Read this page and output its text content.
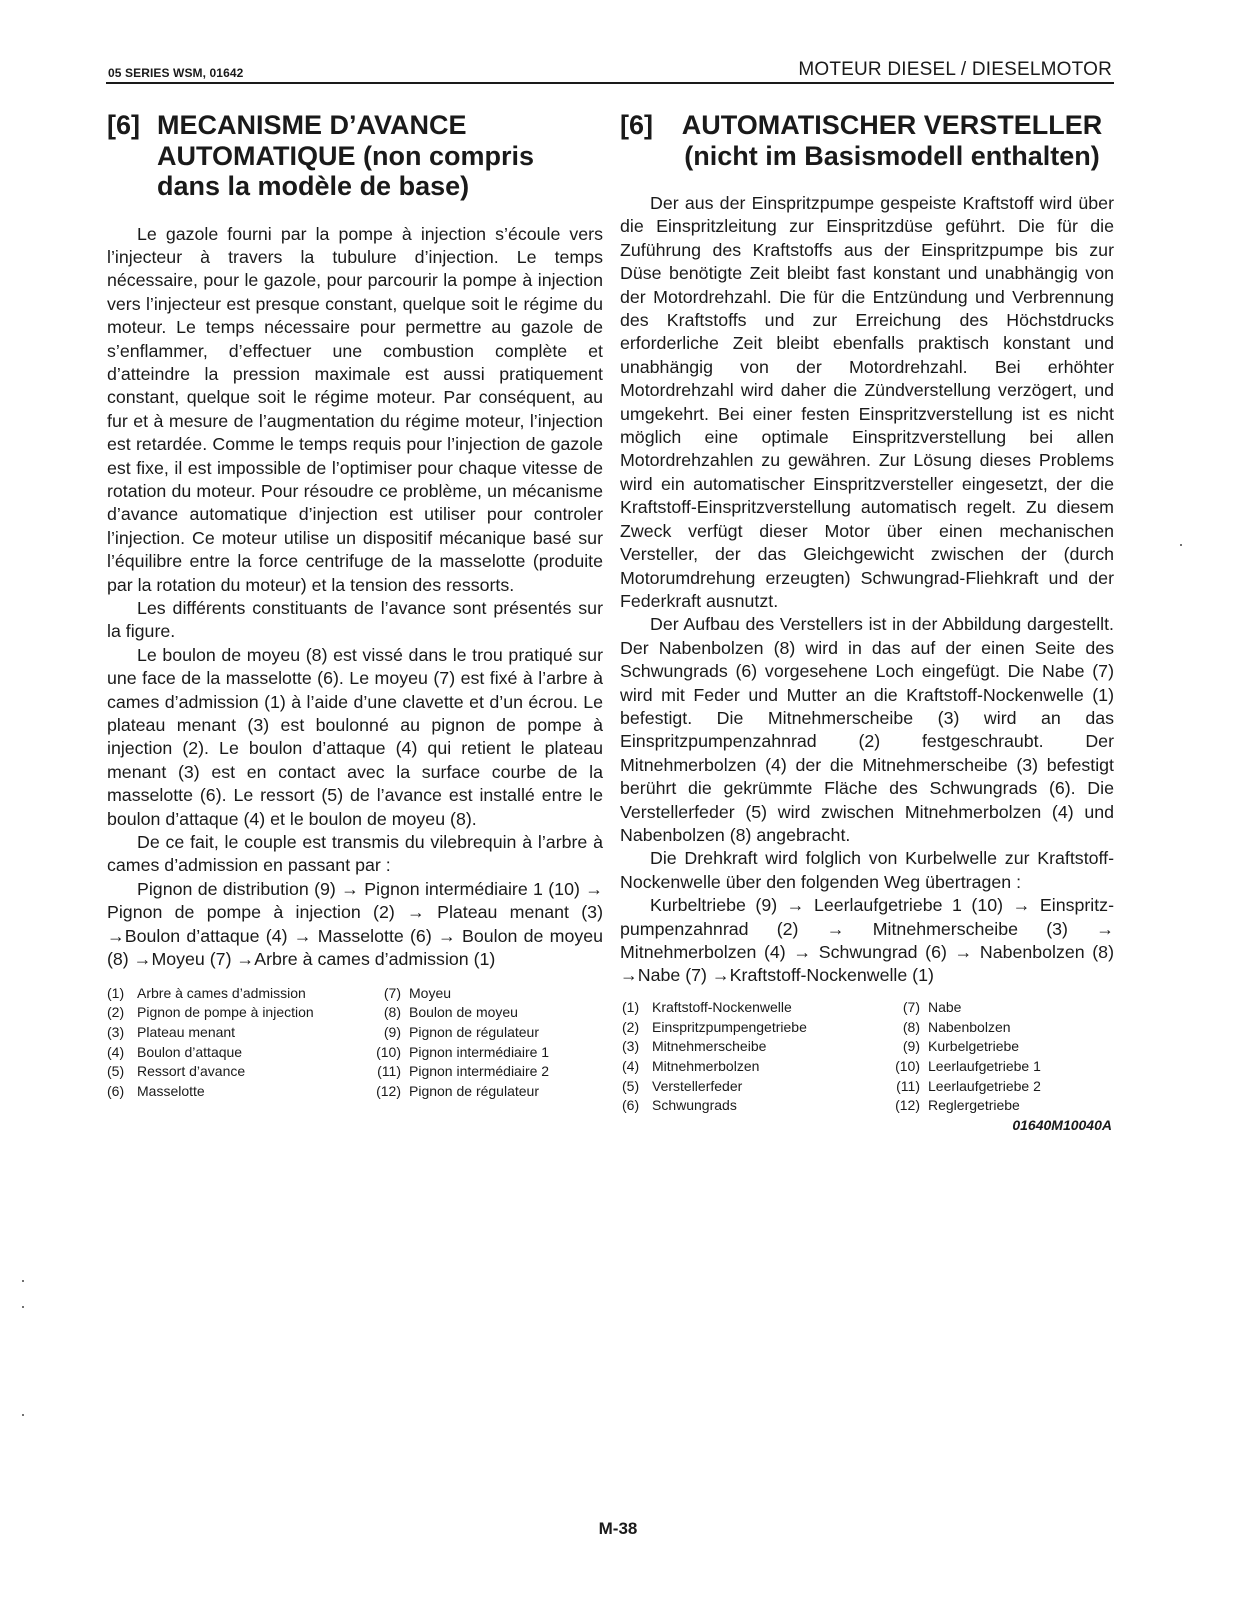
05 SERIES WSM, 01642	MOTEUR DIESEL / DIESELMOTOR
[6] MECANISME D’AVANCE AUTOMATIQUE (non compris dans la modèle de base)

Le gazole fourni par la pompe à injection s’écoule vers l’injecteur à travers la tubulure d’injection. Le temps nécessaire, pour le gazole, pour parcourir la pompe à injection vers l’injecteur est presque constant, quelque soit le régime du moteur. Le temps nécessaire pour permettre au gazole de s’enflammer, d’effectuer une combustion complète et d’atteindre la pression maximale est aussi pratiquement constant, quelque soit le régime moteur. Par conséquent, au fur et à mesure de l’augmentation du régime moteur, l’injection est retardée. Comme le temps requis pour l’injection de gazole est fixe, il est impossible de l’optimiser pour chaque vitesse de rotation du moteur. Pour résoudre ce problème, un mécanisme d’avance automatique d’injection est utiliser pour controler l’injection. Ce moteur utilise un dispositif mécanique basé sur l’équilibre entre la force centrifuge de la masselotte (produite par la rotation du moteur) et la tension des ressorts.

Les différents constituants de l’avance sont présentés sur la figure.

Le boulon de moyeu (8) est vissé dans le trou pratiqué sur une face de la masselotte (6). Le moyeu (7) est fixé à l’arbre à cames d’admission (1) à l’aide d’une clavette et d’un écrou. Le plateau menant (3) est boulonné au pignon de pompe à injection (2). Le boulon d’attaque (4) qui retient le plateau menant (3) est en contact avec la surface courbe de la masselotte (6). Le ressort (5) de l’avance est installé entre le boulon d’attaque (4) et le boulon de moyeu (8).

De ce fait, le couple est transmis du vilebrequin à l’arbre à cames d’admission en passant par :

Pignon de distribution (9) → Pignon intermédiaire 1 (10) → Pignon de pompe à injection (2) → Plateau menant (3) →Boulon d’attaque (4) → Masselotte (6) → Boulon de moyeu (8) →Moyeu (7) →Arbre à cames d’admission (1)

(1) Arbre à cames d’admission
(2) Pignon de pompe à injection
(3) Plateau menant
(4) Boulon d’attaque
(5) Ressort d’avance
(6) Masselotte
(7) Moyeu
(8) Boulon de moyeu
(9) Pignon de régulateur
(10) Pignon intermédiaire 1
(11) Pignon intermédiaire 2
(12) Pignon de régulateur
[6]	AUTOMATISCHER VERSTELLER (nicht im Basismodell enthalten)

Der aus der Einspritzpumpe gespeiste Kraftstoff wird über die Einspritzleitung zur Einspritzdüse geführt. Die für die Zuführung des Kraftstoffs aus der Einspritzpumpe bis zur Düse benötigte Zeit bleibt fast konstant und unabhängig von der Motordrehzahl. Die für die Entzündung und Verbrennung des Kraftstoffs und zur Erreichung des Höchstdrucks erforderliche Zeit bleibt ebenfalls praktisch konstant und unabhängig von der Motordrehzahl. Bei erhöhter Motordrehzahl wird daher die Zündverstellung verzögert, und umgekehrt. Bei einer festen Einspritzverstellung ist es nicht möglich eine optimale Einspritzverstellung bei allen Motordrehzahlen zu gewähren. Zur Lösung dieses Problems wird ein automatischer Einspritzversteller eingesetzt, der die Kraftstoff-Einspritzverstellung automatisch regelt. Zu diesem Zweck verfügt dieser Motor über einen mechanischen Versteller, der das Gleichgewicht zwischen der (durch Motorumdrehung erzeugten) Schwungrad-Fliehkraft und der Federkraft ausnutzt.

Der Aufbau des Verstellers ist in der Abbildung dargestellt. Der Nabenbolzen (8) wird in das auf der einen Seite des Schwungrads (6) vorgesehene Loch eingefügt. Die Nabe (7) wird mit Feder und Mutter an die Kraftstoff-Nockenwelle (1) befestigt. Die Mitnehmerscheibe (3) wird an das Einspritzpumpenzahnrad (2) festgeschraubt. Der Mitnehmerbolzen (4) der die Mitnehmerscheibe (3) befestigt berührt die gekrümmte Fläche des Schwungrads (6). Die Verstellerfeder (5) wird zwischen Mitnehmerbolzen (4) und Nabenbolzen (8) angebracht.

Die Drehkraft wird folglich von Kurbelwelle zur Kraftstoff-Nockenwelle über den folgenden Weg übertragen :

Kurbeltriebe (9) → Leerlaufgetriebe 1 (10) → Einspritz-pumpenzahnrad (2) → Mitnehmerscheibe (3) → Mitnehmerbolzen (4) → Schwungrad (6) → Nabenbolzen (8) →Nabe (7) →Kraftstoff-Nockenwelle (1)

(1) Kraftstoff-Nockenwelle
(2) Einspritzpumpengetriebe
(3) Mitnehmerscheibe
(4) Mitnehmerbolzen
(5) Verstellerfeder
(6) Schwungrads
(7) Nabe
(8) Nabenbolzen
(9) Kurbelgetriebe
(10) Leerlaufgetriebe 1
(11) Leerlaufgetriebe 2
(12) Reglergetriebe
01640M10040A
M-38
